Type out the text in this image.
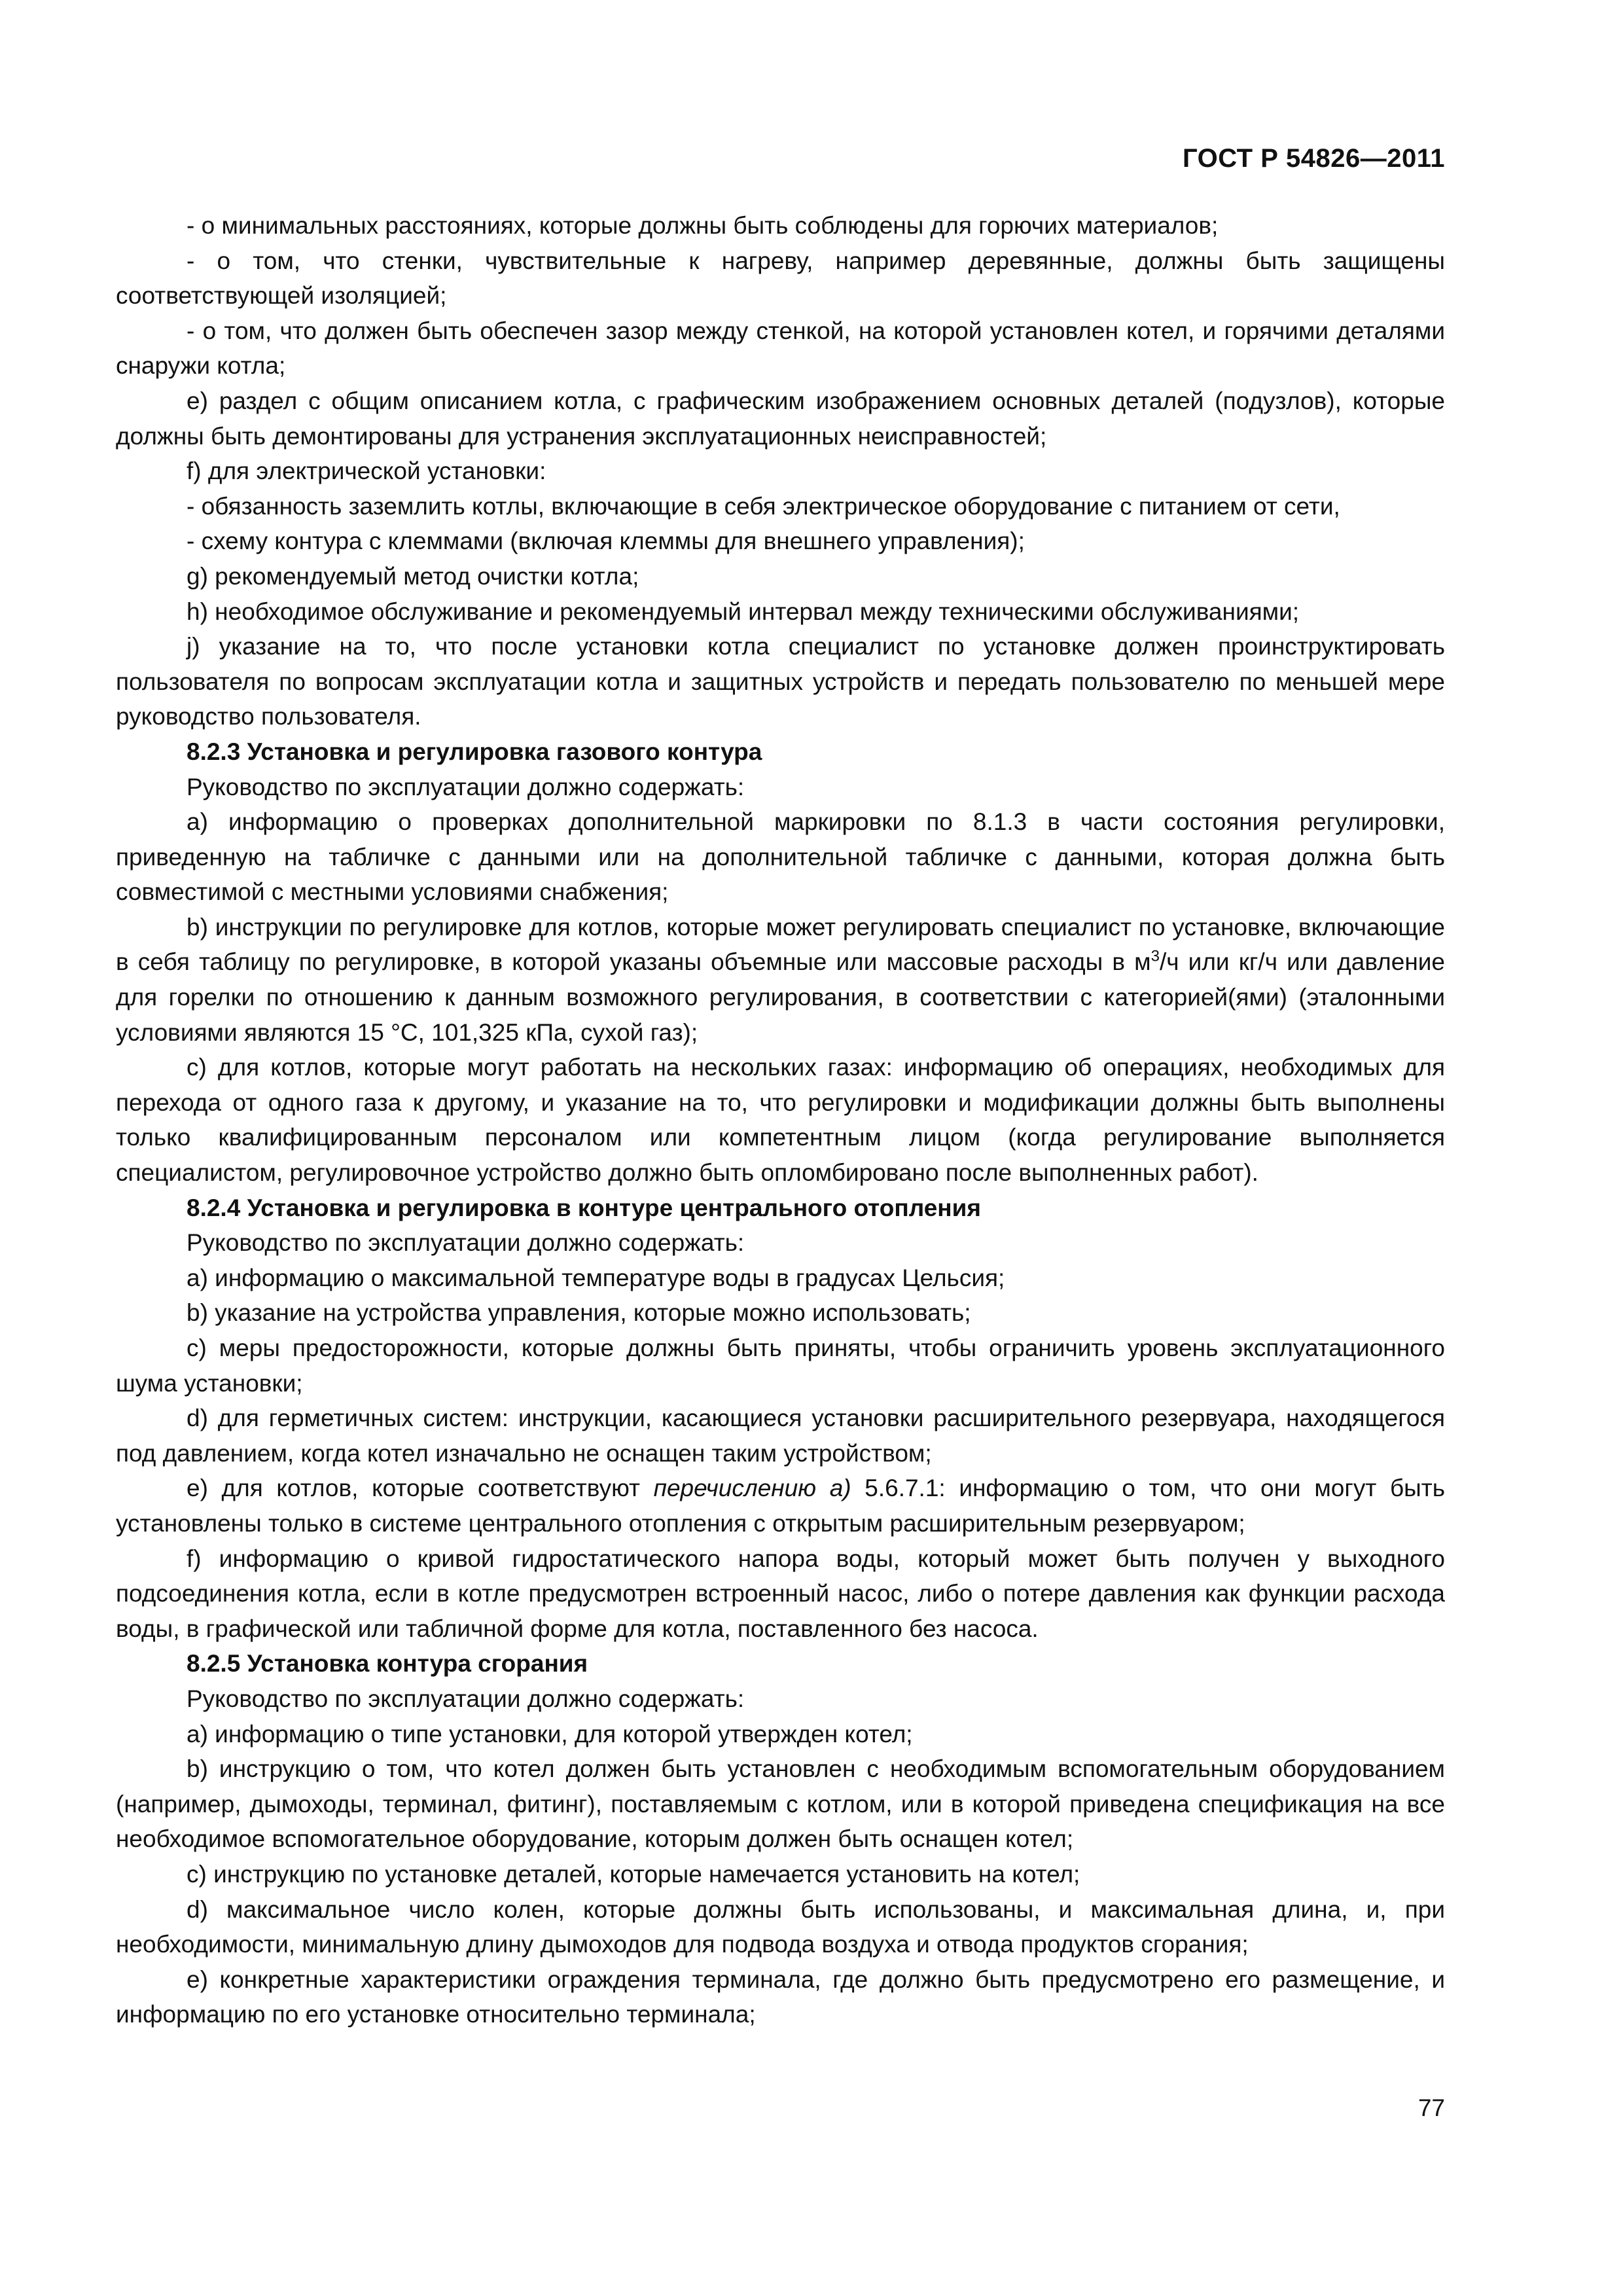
ГОСТ Р 54826—2011

- о минимальных расстояниях, которые должны быть соблюдены для горючих материалов;

- о том, что стенки, чувствительные к нагреву, например деревянные, должны быть защищены соответствующей изоляцией;

- о том, что должен быть обеспечен зазор между стенкой, на которой установлен котел, и горячими деталями снаружи котла;

е) раздел с общим описанием котла, с графическим изображением основных деталей (подузлов), которые должны быть демонтированы для устранения эксплуатационных неисправностей;

f) для электрической установки:

- обязанность заземлить котлы, включающие в себя электрическое оборудование с питанием от сети,

- схему контура с клеммами (включая клеммы для внешнего управления);

g) рекомендуемый метод очистки котла;

h) необходимое обслуживание и рекомендуемый интервал между техническими обслуживаниями;

j) указание на то, что после установки котла специалист по установке должен проинструктировать пользователя по вопросам эксплуатации котла и защитных устройств и передать пользователю по меньшей мере руководство пользователя.

8.2.3 Установка и регулировка газового контура

Руководство по эксплуатации должно содержать:

а) информацию о проверках дополнительной маркировки по 8.1.3 в части состояния регулировки, приведенную на табличке с данными или на дополнительной табличке с данными, которая должна быть совместимой с местными условиями снабжения;

b) инструкции по регулировке для котлов, которые может регулировать специалист по установке, включающие в себя таблицу по регулировке, в которой указаны объемные или массовые расходы в $м^3/ч$ или кг/ч или давление для горелки по отношению к данным возможного регулирования, в соответствии с категорией(ями) (эталонными условиями являются 15 °С, 101,325 кПа, сухой газ);

с) для котлов, которые могут работать на нескольких газах: информацию об операциях, необходимых для перехода от одного газа к другому, и указание на то, что регулировки и модификации должны быть выполнены только квалифицированным персоналом или компетентным лицом (когда регулирование выполняется специалистом, регулировочное устройство должно быть опломбировано после выполненных работ).

8.2.4 Установка и регулировка в контуре центрального отопления

Руководство по эксплуатации должно содержать:

а) информацию о максимальной температуре воды в градусах Цельсия;

b) указание на устройства управления, которые можно использовать;

с) меры предосторожности, которые должны быть приняты, чтобы ограничить уровень эксплуатационного шума установки;

d) для герметичных систем: инструкции, касающиеся установки расширительного резервуара, находящегося под давлением, когда котел изначально не оснащен таким устройством;

е) для котлов, которые соответствуют перечислению а) 5.6.7.1: информацию о том, что они могут быть установлены только в системе центрального отопления с открытым расширительным резервуаром;

f) информацию о кривой гидростатического напора воды, который может быть получен у выходного подсоединения котла, если в котле предусмотрен встроенный насос, либо о потере давления как функции расхода воды, в графической или табличной форме для котла, поставленного без насоса.

8.2.5 Установка контура сгорания

Руководство по эксплуатации должно содержать:

а) информацию о типе установки, для которой утвержден котел;

b) инструкцию о том, что котел должен быть установлен с необходимым вспомогательным оборудованием (например, дымоходы, терминал, фитинг), поставляемым с котлом, или в которой приведена спецификация на все необходимое вспомогательное оборудование, которым должен быть оснащен котел;

с) инструкцию по установке деталей, которые намечается установить на котел;

d) максимальное число колен, которые должны быть использованы, и максимальная длина, и, при необходимости, минимальную длину дымоходов для подвода воздуха и отвода продуктов сгорания;

е) конкретные характеристики ограждения терминала, где должно быть предусмотрено его размещение, и информацию по его установке относительно терминала;

77
